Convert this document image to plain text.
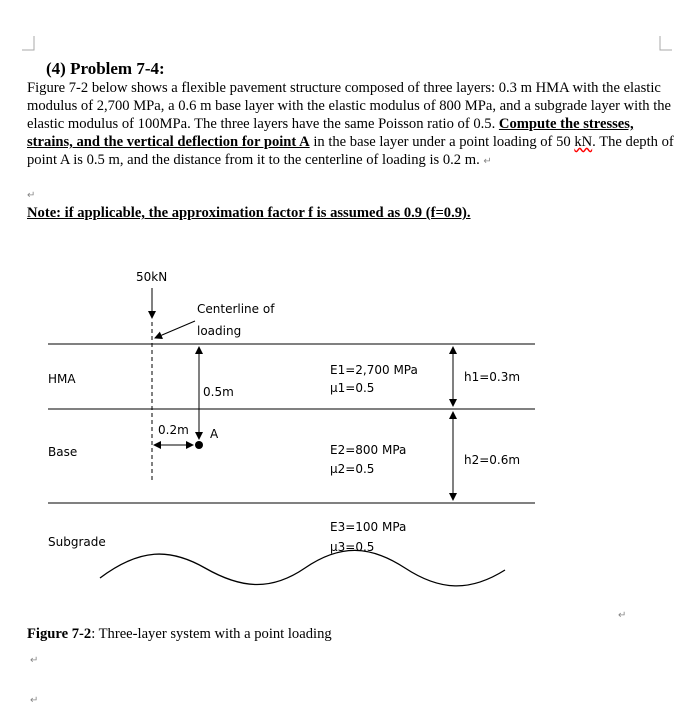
(4) Problem 7-4:
Figure 7-2 below shows a flexible pavement structure composed of three layers: 0.3 m HMA with the elastic modulus of 2,700 MPa, a 0.6 m base layer with the elastic modulus of 800 MPa, and a subgrade layer with the elastic modulus of 100MPa. The three layers have the same Poisson ratio of 0.5. Compute the stresses, strains, and the vertical deflection for point A in the base layer under a point loading of 50 kN. The depth of point A is 0.5 m, and the distance from it to the centerline of loading is 0.2 m. ↵
↵
Note: if applicable, the approximation factor f is assumed as 0.9 (f=0.9).
50kN
Centerline of
loading
0.5m
0.2m A
HMA
Base
Subgrade
E1=2,700 MPa
μ1=0.5
E2=800 MPa
μ2=0.5
E3=100 MPa
μ3=0.5
h1=0.3m
h2=0.6m
↵
Figure 7-2: Three-layer system with a point loading
↵
↵
